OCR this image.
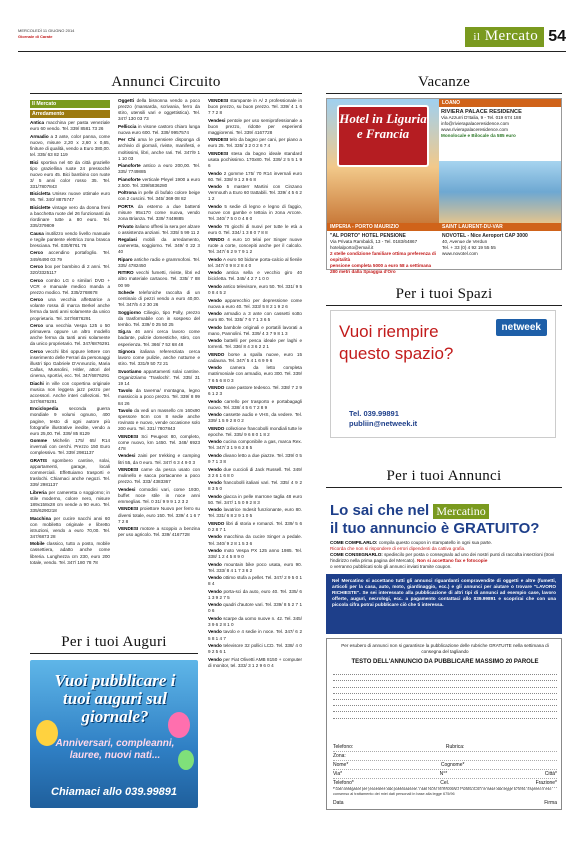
MERCOLEDÌ 11 GIUGNO 2014
Giornale di Carate	il Mercato 54
Annunci Circuito	Vacanze
Per i tuoi Spazi
Per i tuoi Annunci
Per i tuoi Auguri
Il Mercato
Arredamento

Antica macchina per pasta veneziale euro 60 vendo. Tel. 339/ 8581 73 26

Armadio a 3 ante, color panna, come nuovo, misure 2,20 x 2,60 x 0,65, finiture di qualità, vendo a Euro 380,00. tel. 335/ 63 82 119

Bici sportiva nel 60 da città grazielle tipo graziellina ruote 24 pressoché nuovo euro 45. Bici bambino con ruote 3/ 5 anni color rosso 35. Tel. 331/7807843

Bicicletta Unisex nuove ottimale euro 95. Tel. 340/ 8875747

Biciclette vintage vero da donna freni a bacchetta ruote del 26 funzionanti da riordinare tutte a 80 euro. Tel. 335/379809

Causa inutilizzo vendo livello manuale e tegile pantente elettrica zona brasca bresciana. Tel. 030/8761 76

Cerco accendino portafoglio. Tel. 349/6490 03 79

Cerco box per bambino di 2 anni. Tel. 320/3325117

Cerco combo LG o similari DVD + VCR e manuale medico manda a prezzo modico. Tel. 335/2768678

Cerco una vecchia affettatrice a volante rossa di marca Berkel anche ferma da tanti anni solamente da unico proprietario. Tel. 347/6876291

Cerco una vecchia Vespa 125 o 50 primavera oppure un altro modello anche ferma da tanti anni solamente da unico proprietario. Tel. 347/6876291

Cerco vecchi libri oppure lettere con inserimento delle Ferrari da personaggi illustri tipo Gabriele D'Annunzio, Maria Callas, Mussolini, Hitler, attori del cinema, sportivi, ecc. Tel. 347/6876291

Diachi in ville con copertina originale musica non leggera jazz pezzo per accessori. Anche interi collezioni. Tel. 347/6876291

Enciclopedia seconda guerra mondiale 9 volumi ognuno, 400 pagine, testo di ogni autore più fotografie illustrative inedite, vendo a euro 25,00. Tel. 339/ 85 8129

Gomme Michelin 175/ 65/ R14 invernali con cerchi. Prezzo 150 Euro complessivo. Tel. 339/ 2981137

GRATIS sgombero cantine, solai, appartamenti, garage, locali commerciali. Effettuiamo trasporti e traslochi. Chiamaci anche negozi. Tel. 339/ 2981137

Libreria per cameretta o soggiorno; in stile moderno, colore nero, misure 189x158x28 cm vende a 90 euro. Tel. 335/6290218

Macchina per cucire nacchi anni 60 con mobiletto originale e libretto istruzioni, vendo a euro 70,00. Tel. 347/6873 28

Mobile classico, tutto a posto, mobile cassettiera, adatto anche come libreria. Lunghezza cm 230, euro 200 totale, vendo. Tel. 347/ 180 78 78

Oggetti della bisnonna vendo a poco prezzo (mansarda, scrivania, ferro da stiro, utensili vari e oggettistica). Tel. 347/ 130 03 73

Pelliccia in visone castoro chiaro lunga nuova euro 600. Tel. 339/ 9957574

Per Chi ama le pensiere disponga di archivio di giornali, riviste, manifesti, e moltissimi, libri, anche rari. Tel. 347/9 1 1 10 03

Pianoforte antico a euro 200,00. Tel. 335/ 7749885

Pianoforte verticale Pleyel 1900 a euro 2.500. Tel. 339/5836280

Poltrona in pelle di bufalo colore beige con 2 cuscini. Tel. 345/ 369 08 82

PORTA da esterno a due battenti misure 95x170 come nuova, vendo zona Brianza. Tel. 339/ 7449885

Privato italiano offresi la sera per alzare o assistenza anziani. Tel. 335/ 5 99 11 2

Regalasi mobili da arredamento, cameretta, soggiorno. Tel. 349/ 0 22 3 40

Riparo antiche radio e grammofoni. Tel. 335/ 4782450

RITIRO vecchi fumetti, riviste, libri ed altro materiale cartaceo. Tel. 335/ 7 88 00 99

Schede telefoniche raccolta di un centinaio di pezzi vendo a euro 40,00. Tel. 347/5 4 2 30 26

Soggiorno Ciliegio, tipo Polly, prezzo da trasformabile con in sospeso del tembo. Tel. 339/ 0 25 50 25

Sig.ra 46 anni cerca lavoro come badante, pulizie domestiche, stiro, con esperienza. Tel. 366/ 7 52 68 48

Signora italiana referenziata cerca lavoro come pulizie, anche notturne e stiro. Tel. 331/9 50 72 21

Svuotiamo appartamenti solai cantine. Organizziamo 'Traslochi'. Tel. 335/ 31 19 14

Tavolo da taverna/ montagna, legno massiccio a poco prezzo. Tel. 339/ 8 99 84 26

Tavolo da vedi un massello cm 160x90 spessore 5cm con 8 sedie anche rovinato e nuovo, vende occasione solo 200 euro. Tel. 331/ 7807843

VENDESI Sci Peugeot 80, completo, come nuovo, km 1450. Tel. 348/ 6923 478

Vendesi zaini per trekking e camping litri 55, da 0 euro. Tel. 347/ 6 3 4 9 0 3

VENDESI carne da pesca usato con mulinello e sacca portacanne a poco prezzo. Tel. 333/ 4383367

Vendesi comodini vari, come 1930, buffet noce stile in noce anni emmeglias. Tel. 0 31/ 9 9 9 1 2 3 2

VENDESI proiettore Nuovo per ferro su diversi totale, euro 150. Tel. 339/ 4 1 6 7 7 2 8

VENDESI motore a scoppio a benzina per uso agricolo. Tel. 339/ 4167728

VENDESI stampante in A/ 2 professionale in buon prezzo, su buon prezzo. Tel. 339/ 4 1 6 7 7 2 8

Vendesi pentole per uso semiprofessionale a buon prezzo, ridotte per esperienti maggiorenni. Tel. 339/ 4167728

VENDESI telo da bagno per cani, per piano a euro 25. Tel. 335/ 3 2 0 2 6 7 4

VENDESI stesa da bagno ideale standard usata pochissimo. 170x80. Tel. 339/ 2 5 5 1 9 6

Vendo 2 gomme 175/ 70 R14 invernali euro 60. Tel. 338/ 9 1 2 9 6 8

Vendo 5 masterr Martini con Cinzano Vermouth a Euro 60 trattabili. Tel. 339/ 4 5 6 2 1 2

Vendo 5 sedie di legno e legno di faggio, nuove con gambe e tettoia in zona Arcore. Tel. 340/ 7 5 0 0 4 8 0

Vendo 76 giochi di nuovi per tutte le età a euro 0. Tel. 334/ 1 3 8 0 7 8 8

VENDO 4 euro 10 telai per Singer nuove ruote a corte, concepiti anche per il calcolo. Tel. 347/ 6 2 9 7 9 1 2

Vendo A euro 50 bidone porta-calcio al fienile tel. 347/ 0 9 8 2 8 4 0

Vendo antica sella e vecchio giro 40 bicicletta. Tel. 345/ 4 2 7 1 0 0

Vendo antico televisore, euro 50. Tel. 331/ 9 5 0 8 4 5 2

Vendo apparecchio per depressione come nuova a euro 40. Tel. 333/ 5 8 2 1 9 2 6

Vendo armadio a 3 ante con cassetti sotto euro 80. Tel. 335/ 7 6 7 1 3 6 5

Vendo bambole originali e portatili lavorati a mano, Pannolini. Tel. 339/ 4 3 7 9 8 1 3

Vendo battelli per pesca ideale per laghi e torrenti. Tel. 336/ 8 4 3 6 2 2 1

VENDO borse a spalla nuove, euro 15 cadauna. Tel. 347/ 5 4 1 6 9 9 6

Vendo camera da letto completa matrimoniale con armadio, euro 300. Tel. 339/ 7 6 5 6 8 0 3

VENDO cane pastore tedesco. Tel. 338/ 7 2 9 6 1 2 3

Vendo carrello per trasporto e portabagagli nuovo. Tel. 338/ 4 5 6 7 2 8 9

Vendo cassette audio e VHS, da vedere. Tel. 339/ 1 5 9 2 8 0 2

VENDO collezione francobolli mondiali tutte le epoche. Tel. 335/ 9 6 8 0 1 8 2

Vendo cucina componibile a gas, marca Rex. Tel. 347/ 3 1 9 6 2 8 5

Vendo divano letto a due piazze. Tel. 339/ 0 5 9 7 1 3 8

Vendo due cuccioli di Jack Russell. Tel. 349/ 3 2 6 1 6 8 0

Vendo francobolli italiani vari. Tel. 335/ 4 9 2 8 3 5 0

Vendo giacca in pelle marrone taglia 48 euro 50. Tel. 347/ 1 5 0 9 2 8 3

Vendo lavatrice Indesit funzionante, euro 80. Tel. 331/ 6 8 2 9 1 0 5

VENDO libri di storia e romanzi. Tel. 339/ 5 6 0 2 8 7 1

Vendo macchina da cucire Singer a pedale. Tel. 340/ 9 2 8 1 5 3 6

Vendo moto Vespa PX 125 anno 1985. Tel. 338/ 1 2 4 5 8 9 0

Vendo mountain bike poco usata, euro 90. Tel. 333/ 8 4 1 7 3 6 2

Vendo ottimo stufa a pellet. Tel. 347/ 2 9 5 0 1 8 4

Vendo porta-sci da auto, euro 40. Tel. 335/ 6 1 3 9 2 7 5

Vendo quadri d'autore vari. Tel. 339/ 8 5 2 7 1 0 6

Vendo scarpe da uomo nuove n. 42. Tel. 345/ 3 9 6 2 8 1 0

Vendo tavolo e 4 sedie in noce. Tel. 347/ 6 2 5 8 1 4 7

Vendo televisore 32 pollici LCD. Tel. 338/ 4 0 9 2 5 6 1

Vendo per Fiat Olivetti AMB 8150 + computer di monitor, tel. 333/ 3 1 2 9 6 0 4

Vuoi pubblicare i tuoi auguri sul giornale?
Anniversari, compleanni, lauree, nuovi nati...
Chiamaci allo 039.99891
Hotel in Liguria e Francia
LOANO
RIVIERA PALACE RESIDENCE
Via Azzurri D'Italia, 9 - Tel. 019 674 188
info@rivierapalaceresidence.com
www.rivierapalaceresidence.com
Monolocale e Bilocale da 585 euro
IMPERIA - PORTO MAURIZIO	SAINT LAURENT-DU-VAR
"AL PORTO" HOTEL PENSIONE
Via Privata Rambaldi, 13 - Tel. 0183/64867
hotelalporto@email.it
2 stelle condizione familiare ottima preferenza di ospitalità
pensione completa 5000 a euro 58 a settimana
280 metri dalla Spiaggia d'Oro
NOVOTEL - Nice Aeroport CAP 3000
40, Avenue de Verdun
Tel. + 33 (0) 4 92 19 55 55
www.novotel.com
Vuoi riempire
questo spazio?
netweek
Tel. 039.99891
publiin@netweek.it
Lo sai che nel Mercatino
il tuo annuncio è GRATUITO?
COME COMPILARLO: compila questo coupon in stampatello in ogni sua parte.
Ricorda che non si rispondere di errori dipendenti da cattiva grafia.
COME CONSEGNARLO: spediscilo per posta o consegnalo ad uno dei nostri punti di raccolta inserzioni (trovi l'indirizzo nella prima pagina del Mercato). Non si accettano fax e fotocopie
o verranno pubblicati solo gli annunci inviati tramite coupon.
Nel Mercatino si accettano tutti gli annunci riguardanti compravendite di oggetti e altre (fumetti, articoli per la casa, auto, moto, giardinaggio, ecc.) e gli annunci per aiutare o trovare "LAVORO RICHIESTE". Se sei interessato alla pubblicazione di altri tipi di annunci ad esempio case, lavoro offerte, auguri, necrologi, ecc. a pagamento contattaci allo 039.99891 e scoprirai che con una piccola cifra potrai pubblicare ciò che ti interessa.
Per esubero di annunci non si garantisce la pubblicazione delle rubriche GRATUITE nella settimana di consegna del tagliando
TESTO DELL'ANNUNCIO DA PUBBLICARE MASSIMO 20 PAROLE
Telefono:	Rubrica:
Zona:
Nome*	Cognome*
Via*	N°*	Città*
Telefono*	Cel.	Frazione*
* Dati obbligatori per procedere alla pubblicazione. I dati NON VERRANNO PUBBLICATI in base alla legge 675/96. Esprimo il mio consenso al trattamento dei miei dati personali in base alla legge 675/96
Data	Firma
